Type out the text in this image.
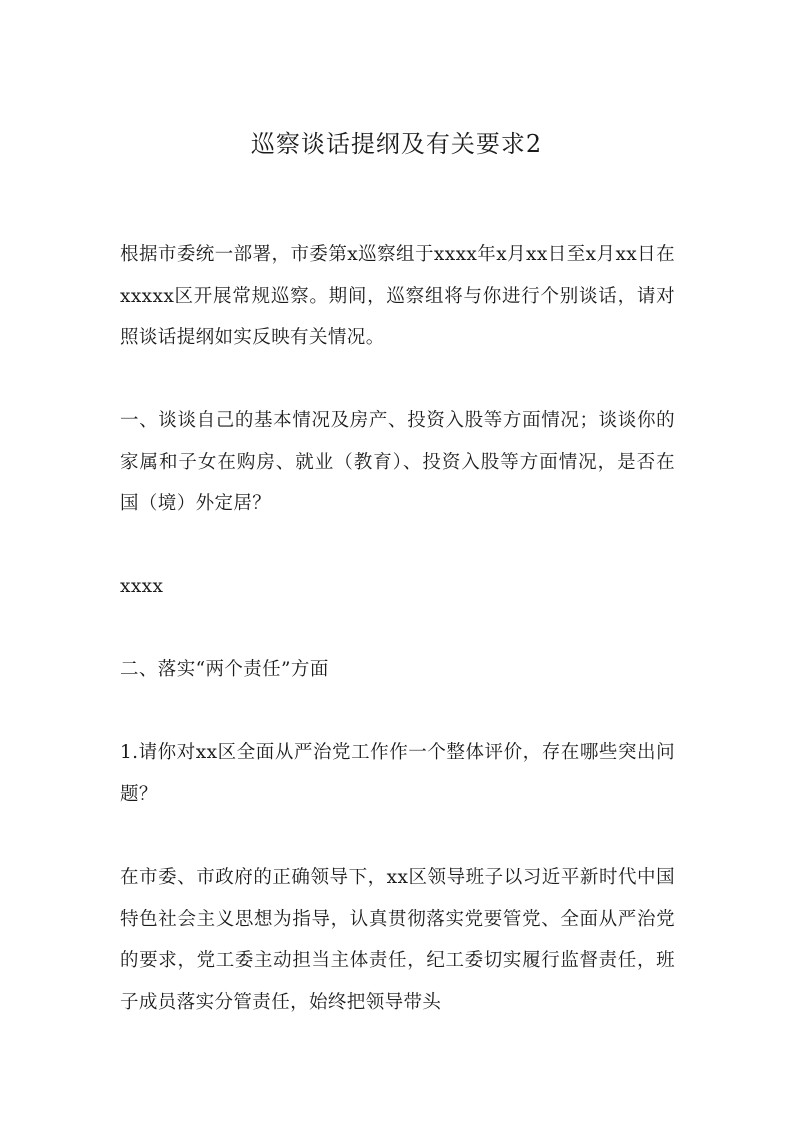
巡察谈话提纲及有关要求2

根据市委统一部署，市委第x巡察组于xxxx年x月xx日至x月xx日在xxxxx区开展常规巡察。期间，巡察组将与你进行个别谈话，请对照谈话提纲如实反映有关情况。

一、谈谈自己的基本情况及房产、投资入股等方面情况；谈谈你的家属和子女在购房、就业（教育）、投资入股等方面情况，是否在国（境）外定居？

xxxx

二、落实“两个责任”方面

1.请你对xx区全面从严治党工作作一个整体评价，存在哪些突出问题？

在市委、市政府的正确领导下，xx区领导班子以习近平新时代中国特色社会主义思想为指导，认真贯彻落实党要管党、全面从严治党的要求，党工委主动担当主体责任，纪工委切实履行监督责任，班子成员落实分管责任，始终把领导带头
